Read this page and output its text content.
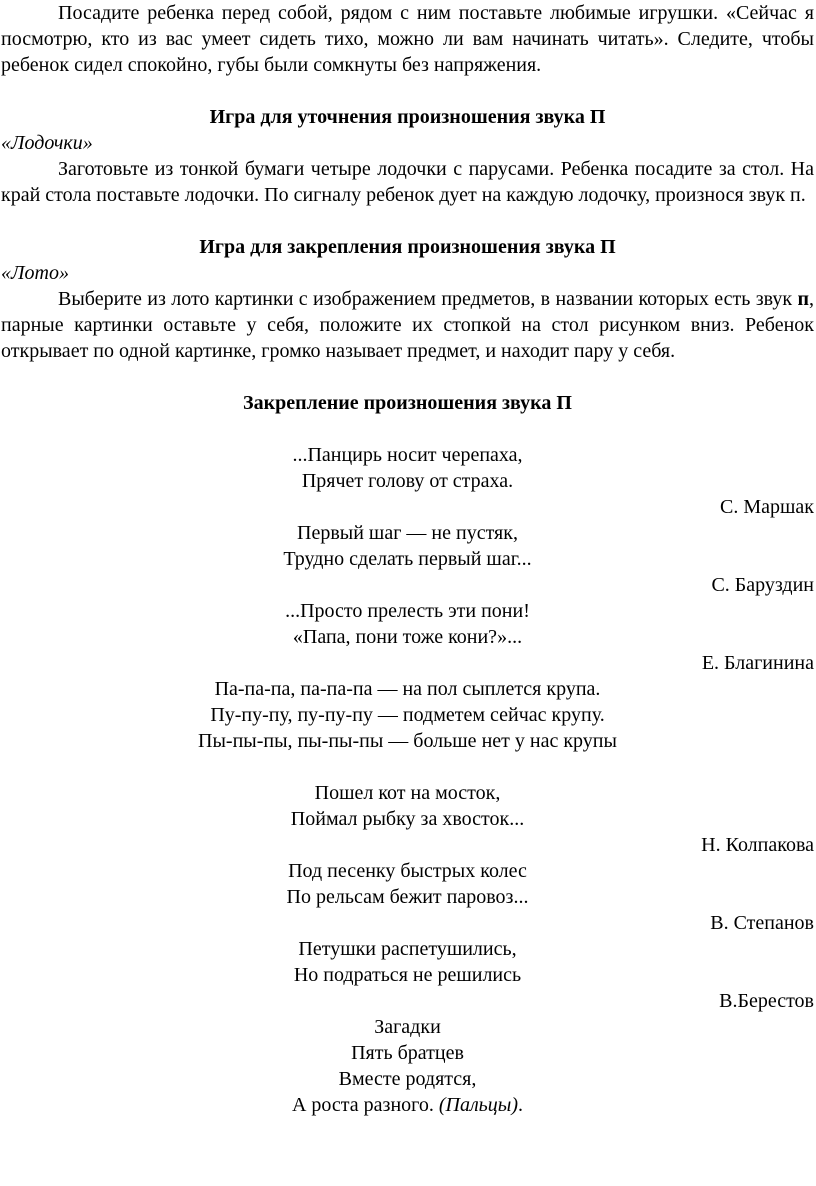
Посадите ребенка перед собой, рядом с ним поставьте любимые игрушки. «Сейчас я посмотрю, кто из вас умеет сидеть тихо, можно ли вам начинать читать». Следите, чтобы ребенок сидел спокойно, губы были сомкнуты без напряжения.

Игра для уточнения произношения звука П

«Лодочки»

Заготовьте из тонкой бумаги четыре лодочки с парусами. Ребенка посадите за стол. На край стола поставьте лодочки. По сигналу ребенок дует на каждую лодочку, произнося звук п.

Игра для закрепления произношения звука П

«Лото»

Выберите из лото картинки с изображением предметов, в названии которых есть звук п, парные картинки оставьте у себя, положите их стопкой на стол рисунком вниз. Ребенок открывает по одной картинке, громко называет предмет, и находит пару у себя.

Закрепление произношения звука П

...Панцирь носит черепаха,

Прячет голову от страха.

С. Маршак

Первый шаг — не пустяк,

Трудно сделать первый шаг...

С. Баруздин

...Просто прелесть эти пони!

«Папа, пони тоже кони?»...

Е. Благинина

Па-па-па, па-па-па — на пол сыплется крупа.

Пу-пу-пу, пу-пу-пу — подметем сейчас крупу.

Пы-пы-пы, пы-пы-пы — больше нет у нас крупы

Пошел кот на мосток,

Поймал рыбку за хвосток...

Н. Колпакова

Под песенку быстрых колес

По рельсам бежит паровоз...

В. Степанов

Петушки распетушились,

Но подраться не решились

В.Берестов

Загадки

Пять братцев

Вместе родятся,

А роста разного. (Пальцы).
